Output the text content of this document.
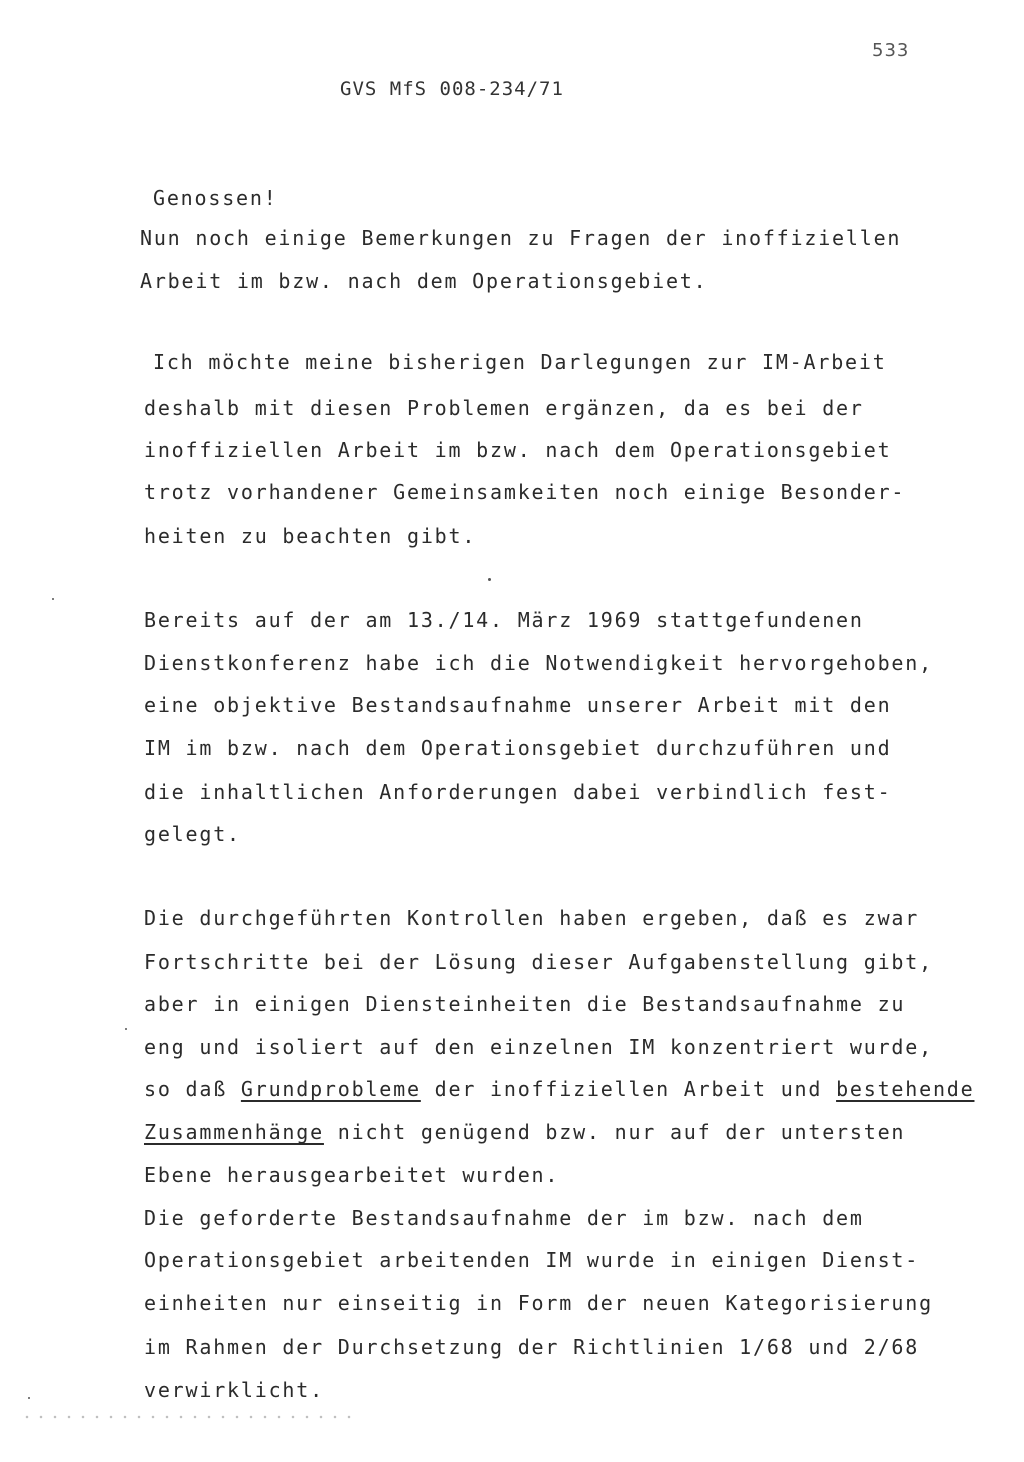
533
GVS MfS 008-234/71
Genossen!
Nun noch einige Bemerkungen zu Fragen der inoffiziellen
Arbeit im bzw. nach dem Operationsgebiet.
Ich möchte meine bisherigen Darlegungen zur IM-Arbeit
deshalb mit diesen Problemen ergänzen, da es bei der
inoffiziellen Arbeit im bzw. nach dem Operationsgebiet
trotz vorhandener Gemeinsamkeiten noch einige Besonder-
heiten zu beachten gibt.
Bereits auf der am 13./14. März 1969 stattgefundenen
Dienstkonferenz habe ich die Notwendigkeit hervorgehoben,
eine objektive Bestandsaufnahme unserer Arbeit mit den
IM im bzw. nach dem Operationsgebiet durchzuführen und
die inhaltlichen Anforderungen dabei verbindlich fest-
gelegt.
Die durchgeführten Kontrollen haben ergeben, daß es zwar
Fortschritte bei der Lösung dieser Aufgabenstellung gibt,
aber in einigen Diensteinheiten die Bestandsaufnahme zu
eng und isoliert auf den einzelnen IM konzentriert wurde,
so daß Grundprobleme der inoffiziellen Arbeit und bestehende
Zusammenhänge nicht genügend bzw. nur auf der untersten
Ebene herausgearbeitet wurden.
Die geforderte Bestandsaufnahme der im bzw. nach dem
Operationsgebiet arbeitenden IM wurde in einigen Dienst-
einheiten nur einseitig in Form der neuen Kategorisierung
im Rahmen der Durchsetzung der Richtlinien 1/68 und 2/68
verwirklicht.
